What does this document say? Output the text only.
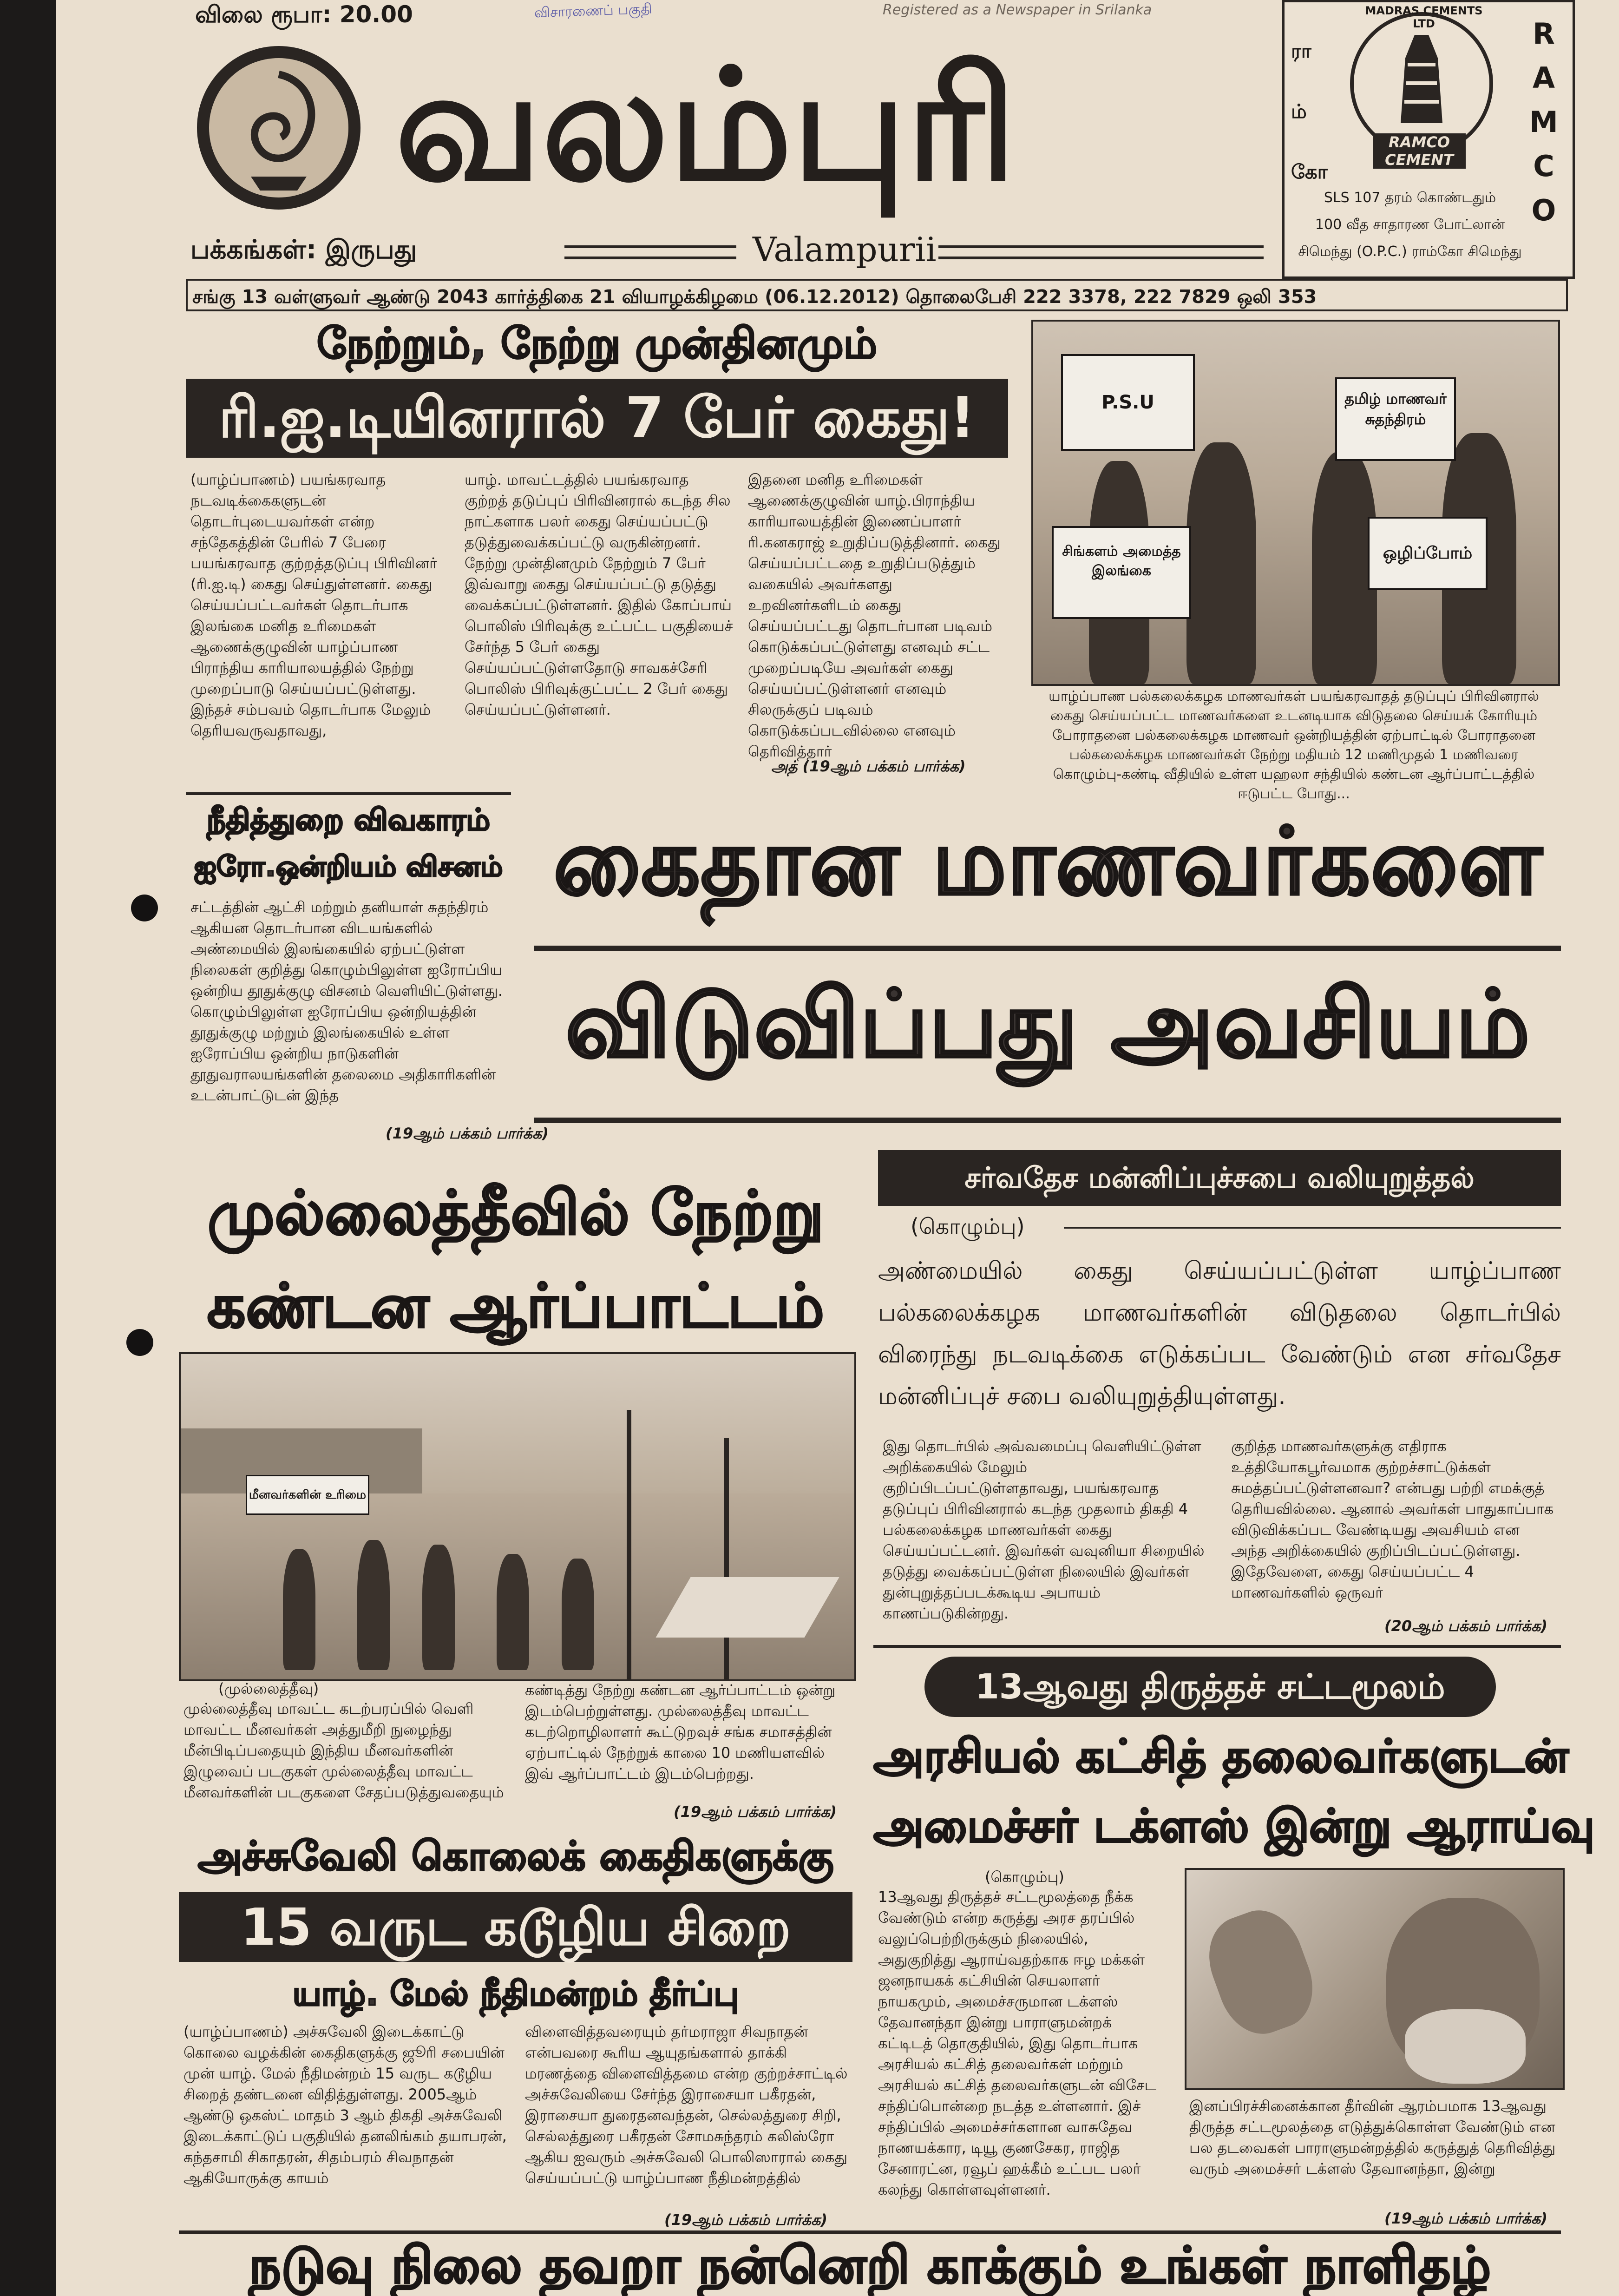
விலை ரூபா: 20.00	விசாரணைப் பகுதி	Registered as a Newspaper in Srilanka
வலம்புரி
பக்கங்கள்: இருபது	Valampurii
ரா
ம்
கோ
R
A
M
C
O
MADRAS CEMENTS LTD
RAMCO CEMENT
SLS 107 தரம் கொண்டதும்
100 வீத சாதாரண போட்லான்
சிமெந்து (O.P.C.) ராம்கோ சிமெந்து
சங்கு 13 வள்ளுவர் ஆண்டு 2043 கார்த்திகை 21 வியாழக்கிழமை (06.12.2012) தொலைபேசி 222 3378, 222 7829 ஒலி 353
நேற்றும், நேற்று முன்தினமும்
ரி.ஐ.டியினரால் 7 பேர் கைது!

(யாழ்ப்பாணம்) பயங்கரவாத நடவடிக்கைகளுடன் தொடர்புடையவர்கள் என்ற சந்தேகத்தின் பேரில் 7 பேரை பயங்கரவாத குற்றத்தடுப்பு பிரிவினர் (ரி.ஐ.டி) கைது செய்துள்ளனர். கைது செய்யப்பட்டவர்கள் தொடர்பாக இலங்கை மனித உரிமைகள் ஆணைக்குழுவின் யாழ்ப்பாண பிராந்திய காரியாலயத்தில் நேற்று முறைப்பாடு செய்யப்பட்டுள்ளது. இந்தச் சம்பவம் தொடர்பாக மேலும் தெரியவருவதாவது,

யாழ். மாவட்டத்தில் பயங்கரவாத குற்றத் தடுப்புப் பிரிவினரால் கடந்த சில நாட்களாக பலர் கைது செய்யப்பட்டு தடுத்துவைக்கப்பட்டு வருகின்றனர். நேற்று முன்தினமும் நேற்றும் 7 பேர் இவ்வாறு கைது செய்யப்பட்டு தடுத்து வைக்கப்பட்டுள்ளனர். இதில் கோப்பாய் பொலிஸ் பிரிவுக்கு உட்பட்ட பகுதியைச் சேர்ந்த 5 பேர் கைது செய்யப்பட்டுள்ளதோடு சாவகச்சேரி பொலிஸ் பிரிவுக்குட்பட்ட 2 பேர் கைது செய்யப்பட்டுள்ளனர்.

இதனை மனித உரிமைகள் ஆணைக்குழுவின் யாழ்.பிராந்திய காரியாலயத்தின் இணைப்பாளர் ரி.கனகராஜ் உறுதிப்படுத்தினார். கைது செய்யப்பட்டதை உறுதிப்படுத்தும் வகையில் அவர்களது உறவினர்களிடம் கைது செய்யப்பட்டது தொடர்பான படிவம் கொடுக்கப்பட்டுள்ளது எனவும் சட்ட முறைப்படியே அவர்கள் கைது செய்யப்பட்டுள்ளனர் எனவும் சிலருக்குப் படிவம் கொடுக்கப்படவில்லை எனவும் தெரிவித்தார்

அத் (19ஆம் பக்கம் பார்க்க)
P.S.U	தமிழ் மாணவர் சுதந்திரம்
சிங்களம் அமைத்த இலங்கை
ஒழிப்போம்

யாழ்ப்பாண பல்கலைக்கழக மாணவர்கள் பயங்கரவாதத் தடுப்புப் பிரிவினரால் கைது செய்யப்பட்ட மாணவர்களை உடனடியாக விடுதலை செய்யக் கோரியும் போராதனை பல்கலைக்கழக மாணவர் ஒன்றியத்தின் ஏற்பாட்டில் போராதனை பல்கலைக்கழக மாணவர்கள் நேற்று மதியம் 12 மணிமுதல் 1 மணிவரை கொழும்பு-கண்டி வீதியில் உள்ள யஹலா சந்தியில் கண்டன ஆர்ப்பாட்டத்தில் ஈடுபட்ட போது...

நீதித்துறை விவகாரம்
ஐரோ.ஒன்றியம் விசனம்

சட்டத்தின் ஆட்சி மற்றும் தனியாள் சுதந்திரம் ஆகியன தொடர்பான விடயங்களில் அண்மையில் இலங்கையில் ஏற்பட்டுள்ள நிலைகள் குறித்து கொழும்பிலுள்ள ஐரோப்பிய ஒன்றிய தூதுக்குழு விசனம் வெளியிட்டுள்ளது. கொழும்பிலுள்ள ஐரோப்பிய ஒன்றியத்தின் தூதுக்குழு மற்றும் இலங்கையில் உள்ள ஐரோப்பிய ஒன்றிய நாடுகளின் தூதுவராலயங்களின் தலைமை அதிகாரிகளின் உடன்பாட்டுடன் இந்த

(19ஆம் பக்கம் பார்க்க)
கைதான மாணவர்களை
விடுவிப்பது அவசியம்
சர்வதேச மன்னிப்புச்சபை வலியுறுத்தல்
(கொழும்பு)

அண்மையில் கைது செய்யப்பட்டுள்ள யாழ்ப்பாண பல்கலைக்கழக மாணவர்களின் விடுதலை தொடர்பில் விரைந்து நடவடிக்கை எடுக்கப்பட வேண்டும் என சர்வதேச மன்னிப்புச் சபை வலியுறுத்தியுள்ளது.

இது தொடர்பில் அவ்வமைப்பு வெளியிட்டுள்ள அறிக்கையில் மேலும் குறிப்பிடப்பட்டுள்ளதாவது, பயங்கரவாத தடுப்புப் பிரிவினரால் கடந்த முதலாம் திகதி 4 பல்கலைக்கழக மாணவர்கள் கைது செய்யப்பட்டனர். இவர்கள் வவுனியா சிறையில் தடுத்து வைக்கப்பட்டுள்ள நிலையில் இவர்கள் துன்புறுத்தப்படக்கூடிய அபாயம் காணப்படுகின்றது.

குறித்த மாணவர்களுக்கு எதிராக உத்தியோகபூர்வமாக குற்றச்சாட்டுக்கள் சுமத்தப்பட்டுள்ளனவா? என்பது பற்றி எமக்குத் தெரியவில்லை. ஆனால் அவர்கள் பாதுகாப்பாக விடுவிக்கப்பட வேண்டியது அவசியம் என அந்த அறிக்கையில் குறிப்பிடப்பட்டுள்ளது. இதேவேளை, கைது செய்யப்பட்ட 4 மாணவர்களில் ஒருவர்

(20ஆம் பக்கம் பார்க்க)
முல்லைத்தீவில் நேற்று
கண்டன ஆர்ப்பாட்டம்
மீனவர்களின் உரிமை
(முல்லைத்தீவு)

முல்லைத்தீவு மாவட்ட கடற்பரப்பில் வெளி மாவட்ட மீனவர்கள் அத்துமீறி நுழைந்து மீன்பிடிப்பதையும் இந்திய மீனவர்களின் இழுவைப் படகுகள் முல்லைத்தீவு மாவட்ட மீனவர்களின் படகுகளை சேதப்படுத்துவதையும்

கண்டித்து நேற்று கண்டன ஆர்ப்பாட்டம் ஒன்று இடம்பெற்றுள்ளது. முல்லைத்தீவு மாவட்ட கடற்றொழிலாளர் கூட்டுறவுச் சங்க சமாசத்தின் ஏற்பாட்டில் நேற்றுக் காலை 10 மணியளவில் இவ் ஆர்ப்பாட்டம் இடம்பெற்றது.

(19ஆம் பக்கம் பார்க்க)
அச்சுவேலி கொலைக் கைதிகளுக்கு
15 வருட கடூழிய சிறை
யாழ். மேல் நீதிமன்றம் தீர்ப்பு

(யாழ்ப்பாணம்) அச்சுவேலி இடைக்காட்டு கொலை வழக்கின் கைதிகளுக்கு ஜூரி சபையின் முன் யாழ். மேல் நீதிமன்றம் 15 வருட கடூழிய சிறைத் தண்டனை விதித்துள்ளது. 2005ஆம் ஆண்டு ஒகஸ்ட் மாதம் 3 ஆம் திகதி அச்சுவேலி இடைக்காட்டுப் பகுதியில் தனலிங்கம் தயாபரன், கந்தசாமி சிகாதரன், சிதம்பரம் சிவநாதன் ஆகியோருக்கு காயம்

விளைவித்தவரையும் தர்மராஜா சிவநாதன் என்பவரை கூரிய ஆயுதங்களால் தாக்கி மரணத்தை விளைவித்தமை என்ற குற்றச்சாட்டில் அச்சுவேலியை சேர்ந்த இராசையா பகீரதன், இராசையா துரைதனவந்தன், செல்லத்துரை சிறி, செல்லத்துரை பகீரதன் சோமசுந்தரம் கலிஸ்ரோ ஆகிய ஐவரும் அச்சுவேலி பொலிஸாரால் கைது செய்யப்பட்டு யாழ்ப்பாண நீதிமன்றத்தில்

(19ஆம் பக்கம் பார்க்க)
13ஆவது திருத்தச் சட்டமூலம்
அரசியல் கட்சித் தலைவர்களுடன்
அமைச்சர் டக்ளஸ் இன்று ஆராய்வு
(கொழும்பு)

13ஆவது திருத்தச் சட்டமூலத்தை நீக்க வேண்டும் என்ற கருத்து அரச தரப்பில் வலுப்பெற்றிருக்கும் நிலையில், அதுகுறித்து ஆராய்வதற்காக ஈழ மக்கள் ஜனநாயகக் கட்சியின் செயலாளர் நாயகமும், அமைச்சருமான டக்ளஸ் தேவானந்தா இன்று பாராளுமன்றக் கட்டிடத் தொகுதியில், இது தொடர்பாக அரசியல் கட்சித் தலைவர்கள் மற்றும் அரசியல் கட்சித் தலைவர்களுடன் விசேட சந்திப்பொன்றை நடத்த உள்ளனார். இச் சந்திப்பில் அமைச்சர்களான வாசுதேவ நாணயக்கார, டியூ குணசேகர, ராஜித சேனாரட்ன, ரவூப் ஹக்கீம் உட்பட பலர் கலந்து கொள்ளவுள்ளனர்.

இனப்பிரச்சினைக்கான தீர்வின் ஆரம்பமாக 13ஆவது திருத்த சட்டமூலத்தை எடுத்துக்கொள்ள வேண்டும் என பல தடவைகள் பாராளுமன்றத்தில் கருத்துத் தெரிவித்து வரும் அமைச்சர் டக்ளஸ் தேவானந்தா, இன்று

(19ஆம் பக்கம் பார்க்க)
நடுவு நிலை தவறா நன்னெறி காக்கும் உங்கள் நாளிதழ்
